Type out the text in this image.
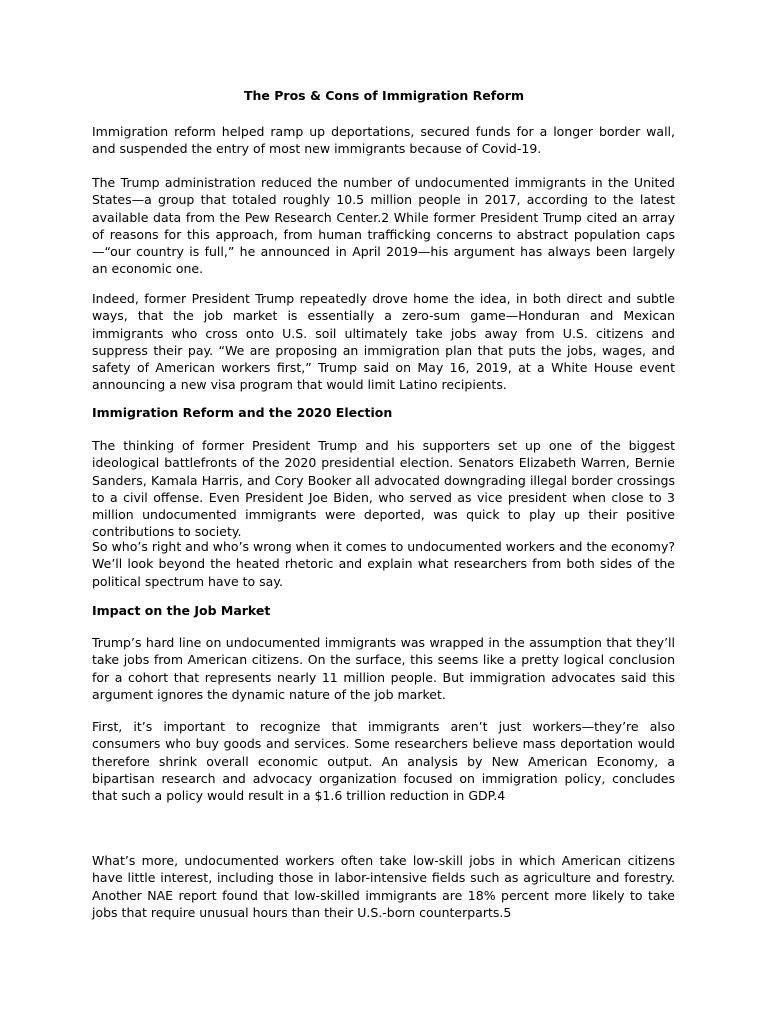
The Pros & Cons of Immigration Reform

Immigration reform helped ramp up deportations, secured funds for a longer border wall, and suspended the entry of most new immigrants because of Covid-19.

The Trump administration reduced the number of undocumented immigrants in the United States—a group that totaled roughly 10.5 million people in 2017, according to the latest available data from the Pew Research Center.2 While former President Trump cited an array of reasons for this approach, from human trafficking concerns to abstract population caps—“our country is full,” he announced in April 2019—his argument has always been largely an economic one.

Indeed, former President Trump repeatedly drove home the idea, in both direct and subtle ways, that the job market is essentially a zero-sum game—Honduran and Mexican immigrants who cross onto U.S. soil ultimately take jobs away from U.S. citizens and suppress their pay. “We are proposing an immigration plan that puts the jobs, wages, and safety of American workers first,” Trump said on May 16, 2019, at a White House event announcing a new visa program that would limit Latino recipients.

Immigration Reform and the 2020 Election

The thinking of former President Trump and his supporters set up one of the biggest ideological battlefronts of the 2020 presidential election. Senators Elizabeth Warren, Bernie Sanders, Kamala Harris, and Cory Booker all advocated downgrading illegal border crossings to a civil offense. Even President Joe Biden, who served as vice president when close to 3 million undocumented immigrants were deported, was quick to play up their positive contributions to society.

So who’s right and who’s wrong when it comes to undocumented workers and the economy? We’ll look beyond the heated rhetoric and explain what researchers from both sides of the political spectrum have to say.

Impact on the Job Market

Trump’s hard line on undocumented immigrants was wrapped in the assumption that they’ll take jobs from American citizens. On the surface, this seems like a pretty logical conclusion for a cohort that represents nearly 11 million people. But immigration advocates said this argument ignores the dynamic nature of the job market.

First, it’s important to recognize that immigrants aren’t just workers—they’re also consumers who buy goods and services. Some researchers believe mass deportation would therefore shrink overall economic output. An analysis by New American Economy, a bipartisan research and advocacy organization focused on immigration policy, concludes that such a policy would result in a $1.6 trillion reduction in GDP.4

What’s more, undocumented workers often take low-skill jobs in which American citizens have little interest, including those in labor-intensive fields such as agriculture and forestry. Another NAE report found that low-skilled immigrants are 18% percent more likely to take jobs that require unusual hours than their U.S.-born counterparts.5
